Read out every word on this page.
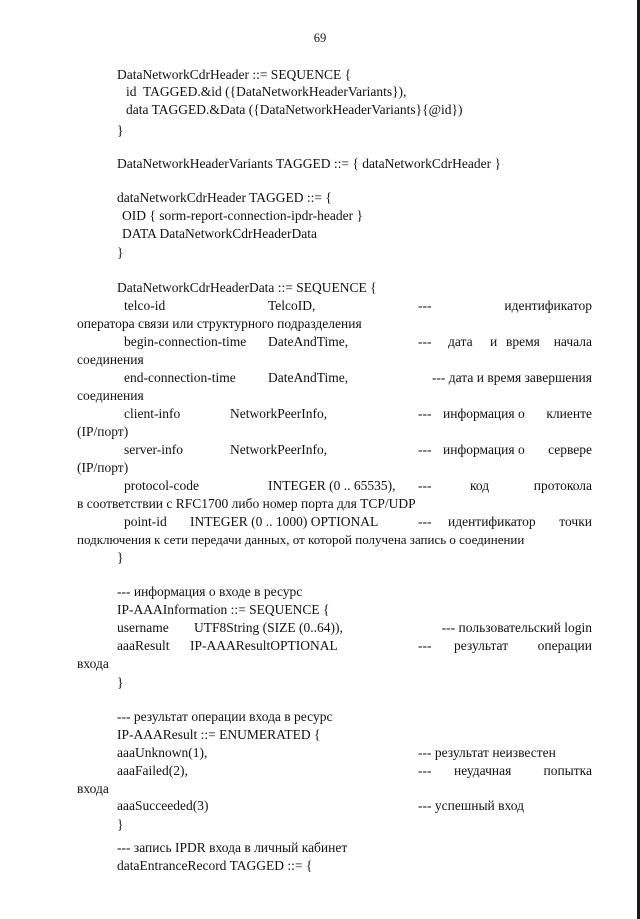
69
DataNetworkCdrHeader ::= SEQUENCE {
id  TAGGED.&id ({DataNetworkHeaderVariants}),
data TAGGED.&Data ({DataNetworkHeaderVariants}{@id})
}
DataNetworkHeaderVariants TAGGED ::= { dataNetworkCdrHeader }
dataNetworkCdrHeader TAGGED ::= {
OID { sorm-report-connection-ipdr-header }
DATA DataNetworkCdrHeaderData
}
DataNetworkCdrHeaderData ::= SEQUENCE {
telco-id	TelcoID,	---	идентификатор
оператора связи или структурного подразделения
begin-connection-time DateAndTime,	--- дата и время начала
соединения
end-connection-time DateAndTime,	--- дата и время завершения
соединения
client-info	NetworkPeerInfo,	--- информация о клиенте
(IP/порт)
server-info	NetworkPeerInfo,	--- информация о сервере
(IP/порт)
protocol-code	INTEGER (0 .. 65535), ---	код	протокола
в соответствии с RFC1700 либо номер порта для TCP/UDP
point-id INTEGER (0 .. 1000) OPTIONAL	--- идентификатор точки
подключения к сети передачи данных, от которой получена запись о соединении
}
--- информация о входе в ресурс
IP-AAAInformation ::= SEQUENCE {
username UTF8String (SIZE (0..64)),	--- пользовательский login
aaaResult IP-AAAResultOPTIONAL	--- результат операции
входа
}
--- результат операции входа в ресурс
IP-AAAResult ::= ENUMERATED {
aaaUnknown(1),	--- результат неизвестен
aaaFailed(2),	--- неудачная попытка
входа
aaaSucceeded(3)	--- успешный вход
}
--- запись IPDR входа в личный кабинет
dataEntranceRecord TAGGED ::= {
